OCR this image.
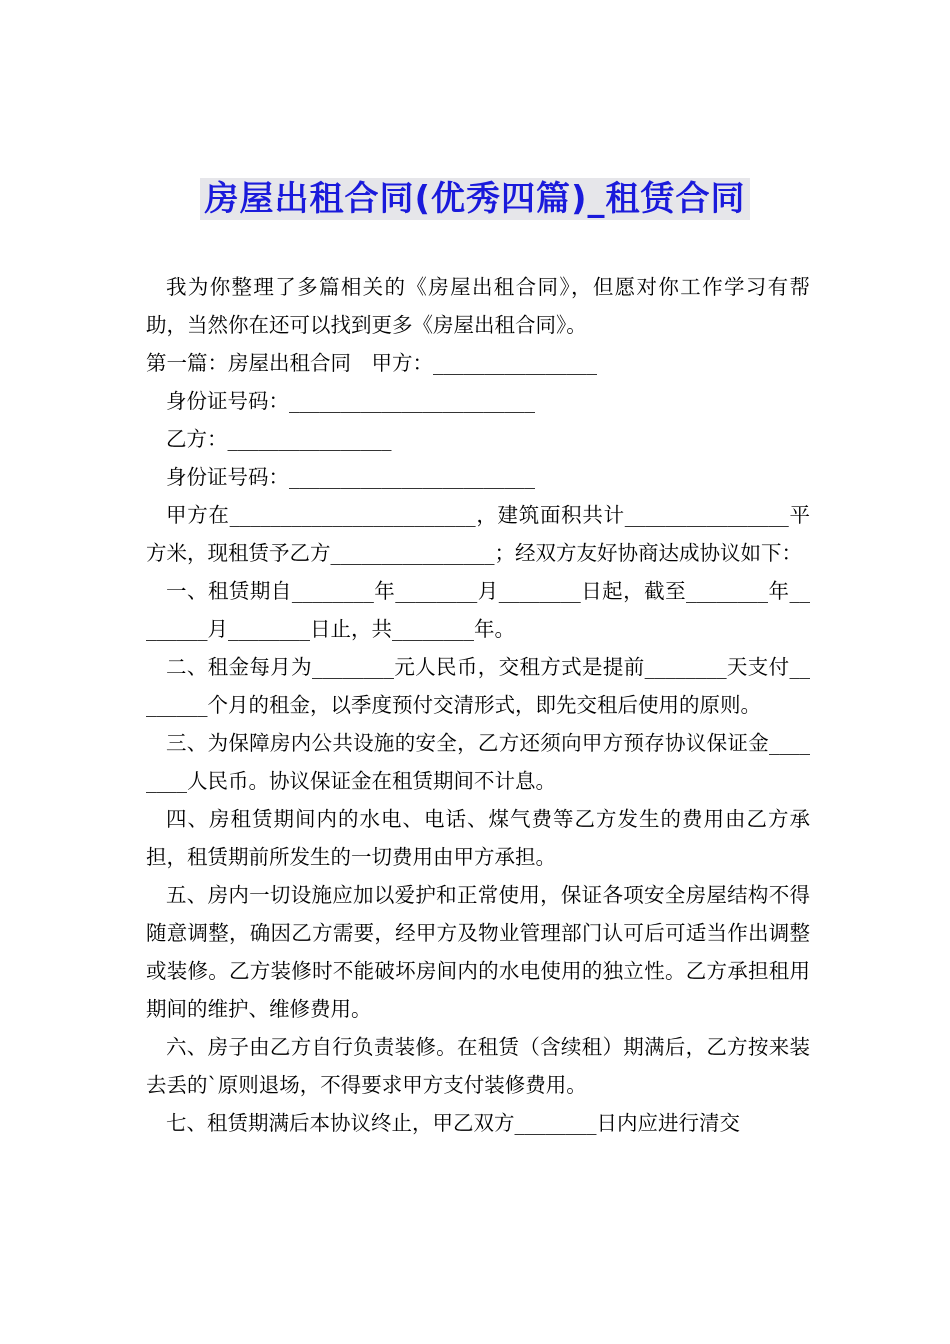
房屋出租合同(优秀四篇)_租赁合同

我为你整理了多篇相关的《房屋出租合同》，但愿对你工作学习有帮助，当然你在还可以找到更多《房屋出租合同》。

第一篇：房屋出租合同　甲方：________________

身份证号码：________________________

乙方：________________

身份证号码：________________________

甲方在________________________，建筑面积共计________________平方米，现租赁予乙方________________；经双方友好协商达成协议如下：

一、租赁期自________年________月________日起，截至________年________月________日止，共________年。

二、租金每月为________元人民币，交租方式是提前________天支付________个月的租金，以季度预付交清形式，即先交租后使用的原则。

三、为保障房内公共设施的安全，乙方还须向甲方预存协议保证金________人民币。协议保证金在租赁期间不计息。

四、房租赁期间内的水电、电话、煤气费等乙方发生的费用由乙方承担，租赁期前所发生的一切费用由甲方承担。

五、房内一切设施应加以爱护和正常使用，保证各项安全房屋结构不得随意调整，确因乙方需要，经甲方及物业管理部门认可后可适当作出调整或装修。乙方装修时不能破坏房间内的水电使用的独立性。乙方承担租用期间的维护、维修费用。

六、房子由乙方自行负责装修。在租赁（含续租）期满后，乙方按来装去丢的`原则退场，不得要求甲方支付装修费用。

七、租赁期满后本协议终止，甲乙双方________日内应进行清交
